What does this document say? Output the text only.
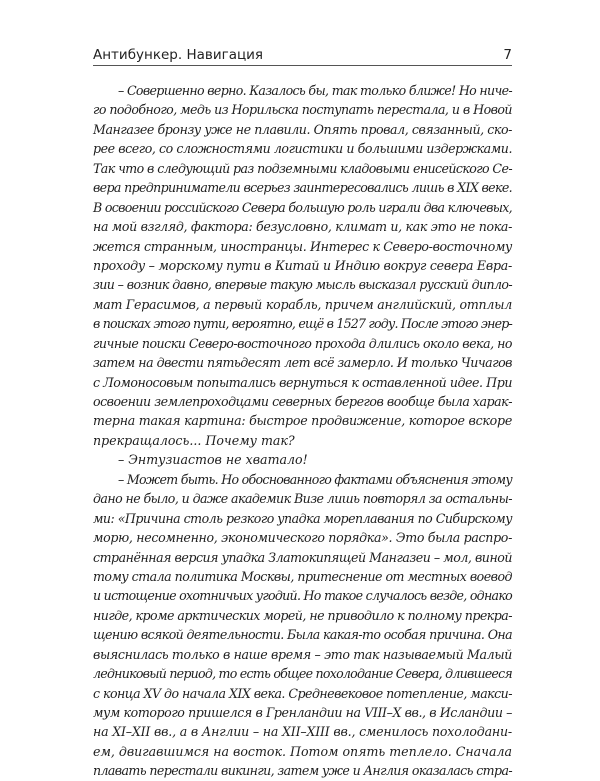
Антибункер. Навигация	7
– Совершенно верно. Казалось бы, так только ближе! Но ниче-
го подобного, медь из Норильска поступать перестала, и в Новой
Мангазее бронзу уже не плавили. Опять провал, связанный, ско-
рее всего, со сложностями логистики и большими издержками.
Так что в следующий раз подземными кладовыми енисейского Се-
вера предприниматели всерьез заинтересовались лишь в XIX веке.
В освоении российского Севера большую роль играли два ключевых,
на мой взгляд, фактора: безусловно, климат и, как это не пока-
жется странным, иностранцы. Интерес к Северо-восточному
проходу – морскому пути в Китай и Индию вокруг севера Евра-
зии – возник давно, впервые такую мысль высказал русский дипло-
мат Герасимов, а первый корабль, причем английский, отплыл
в поисках этого пути, вероятно, ещё в 1527 году. После этого энер-
гичные поиски Северо-восточного прохода длились около века, но
затем на двести пятьдесят лет всё замерло. И только Чичагов
с Ломоносовым попытались вернуться к оставленной идее. При
освоении землепроходцами северных берегов вообще была харак-
терна такая картина: быстрое продвижение, которое вскоре
прекращалось... Почему так?
– Энтузиастов не хватало!
– Может быть. Но обоснованного фактами объяснения этому
дано не было, и даже академик Визе лишь повторял за остальны-
ми: «Причина столь резкого упадка мореплавания по Сибирскому
морю, несомненно, экономического порядка». Это была распро-
странённая версия упадка Златокипящей Мангазеи – мол, виной
тому стала политика Москвы, притеснение от местных воевод
и истощение охотничьих угодий. Но такое случалось везде, однако
нигде, кроме арктических морей, не приводило к полному прекра-
щению всякой деятельности. Была какая-то особая причина. Она
выяснилась только в наше время – это так называемый Малый
ледниковый период, то есть общее похолодание Севера, длившееся
с конца XV до начала XIX века. Средневековое потепление, макси-
мум которого пришелся в Гренландии на VIII–X вв., в Исландии –
на XI–XII вв., а в Англии – на XII–XIII вв., сменилось похолодани-
ем, двигавшимся на восток. Потом опять теплело. Сначала
плавать перестали викинги, затем уже и Англия оказалась стра-
